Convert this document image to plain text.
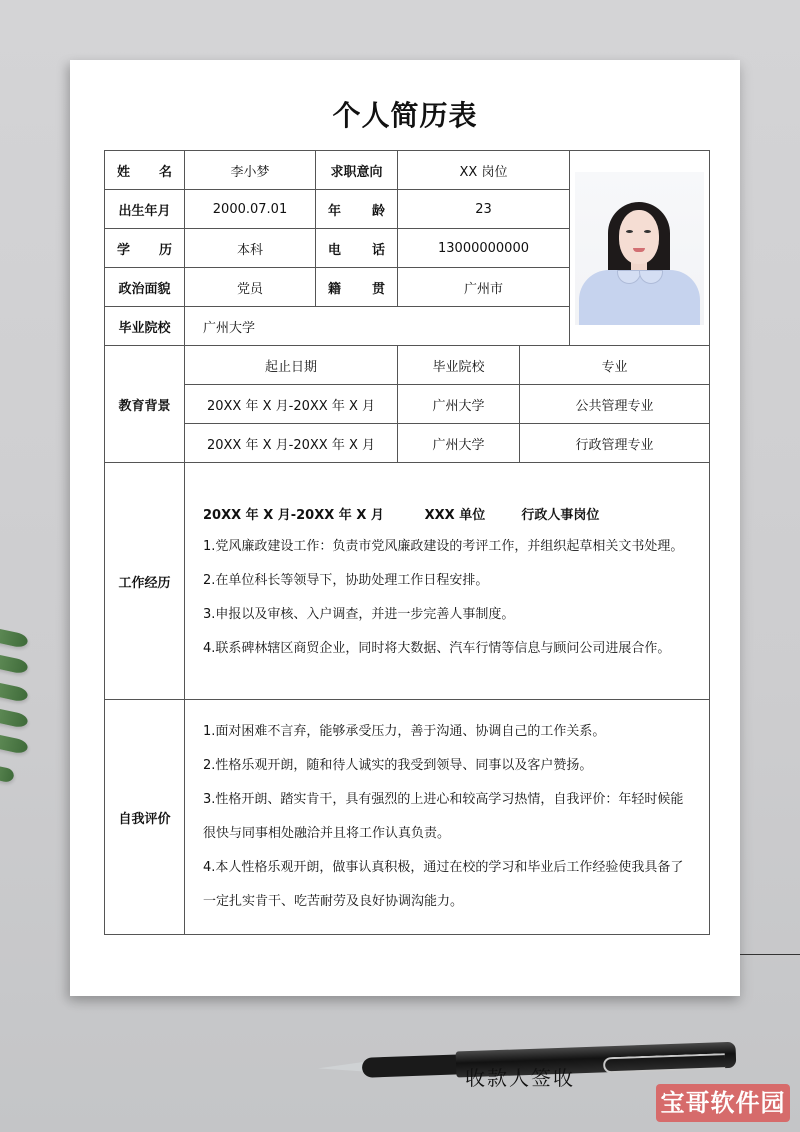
个人简历表
姓　　名	李小梦	求职意向	XX 岗位		

出生年月	2000.07.01	年　　龄	23		
学　　历	本科	电　　话	13000000000		
政治面貌	党员	籍　　贯	广州市		
毕业院校	广州大学				
教育背景	起止日期		毕业院校	专业	
	20XX 年 X 月-20XX 年 X 月		广州大学	公共管理专业	
	20XX 年 X 月-20XX 年 X 月		广州大学	行政管理专业	
工作经历	20XX 年 X 月-20XX 年 X 月         XXX 单位        行政人事岗位
1.党风廉政建设工作：负责市党风廉政建设的考评工作，并组织起草相关文书处理。
2.在单位科长等领导下，协助处理工作日程安排。
3.申报以及审核、入户调查，并进一步完善人事制度。
4.联系碑林辖区商贸企业，同时将大数据、汽车行情等信息与顾问公司进展合作。				

自我评价	
1.面对困难不言弃，能够承受压力，善于沟通、协调自己的工作关系。
2.性格乐观开朗，随和待人诚实的我受到领导、同事以及客户赞扬。
3.性格开朗、踏实肯干，具有强烈的上进心和较高学习热情，自我评价：年轻时候能
很快与同事相处融洽并且将工作认真负责。
4.本人性格乐观开朗，做事认真积极，通过在校的学习和毕业后工作经验使我具备了
一定扎实肯干、吃苦耐劳及良好协调沟能力。
收款人签收
宝哥软件园
